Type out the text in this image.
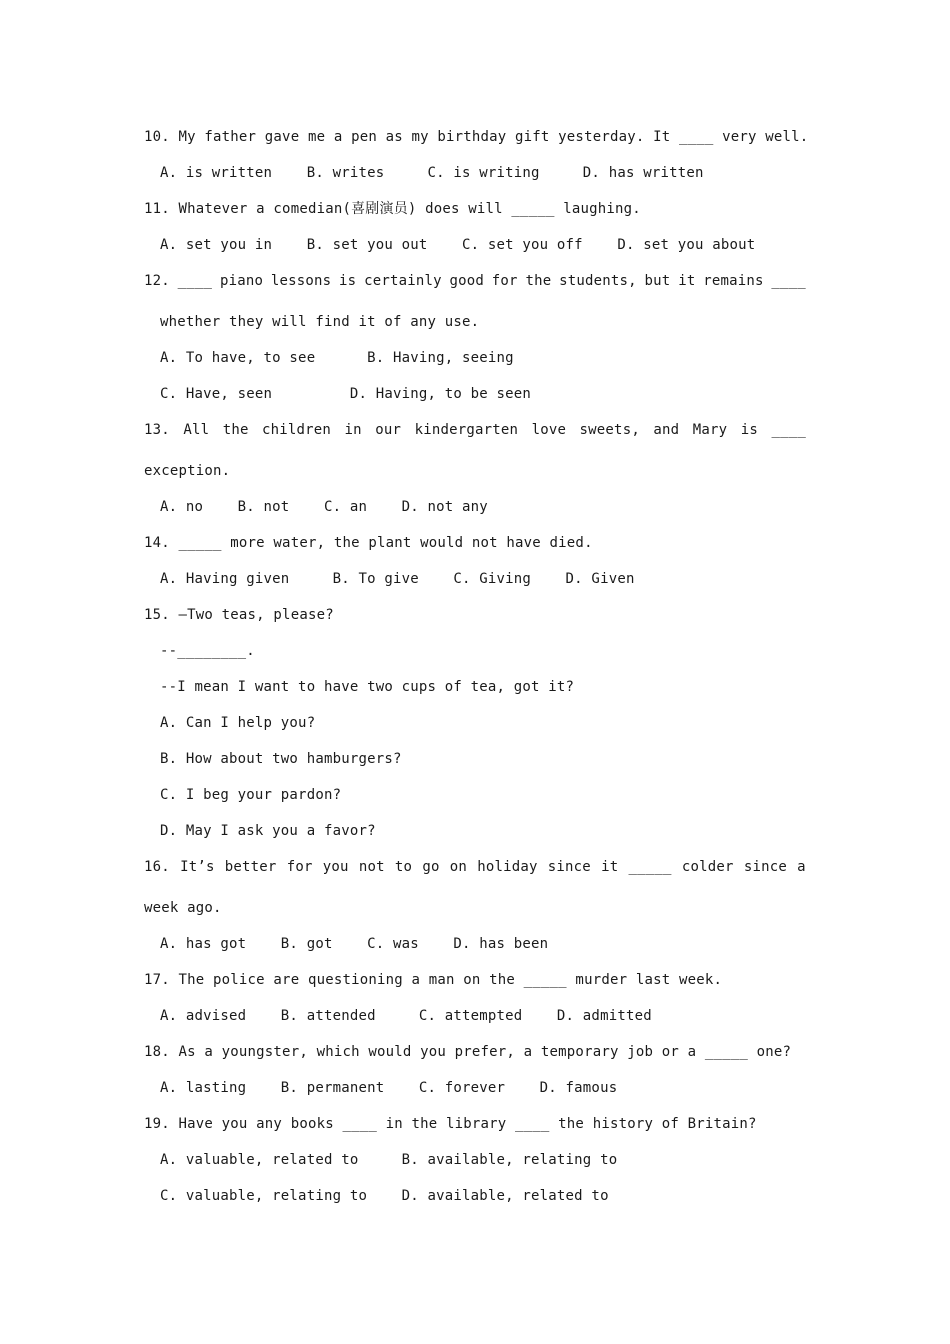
10. My father gave me a pen as my birthday gift yesterday. It ____ very well.
A. is written    B. writes     C. is writing     D. has written
11. Whatever a comedian(喜剧演员) does will _____ laughing.
A. set you in    B. set you out    C. set you off    D. set you about
12. ____ piano lessons is certainly good for the students, but it remains ____
whether they will find it of any use.
A. To have, to see      B. Having, seeing
C. Have, seen         D. Having, to be seen
13. All the children in our kindergarten love sweets, and Mary is ____
exception.
A. no    B. not    C. an    D. not any
14. _____ more water, the plant would not have died.
A. Having given     B. To give    C. Giving    D. Given
15. –Two teas, please?
--________.
--I mean I want to have two cups of tea, got it?
A. Can I help you?
B. How about two hamburgers?
C. I beg your pardon?
D. May I ask you a favor?
16. It’s better for you not to go on holiday since it _____ colder since a
week ago.
A. has got    B. got    C. was    D. has been
17. The police are questioning a man on the _____ murder last week.
A. advised    B. attended     C. attempted    D. admitted
18. As a youngster, which would you prefer, a temporary job or a _____ one?
A. lasting    B. permanent    C. forever    D. famous
19. Have you any books ____ in the library ____ the history of Britain?
A. valuable, related to     B. available, relating to
C. valuable, relating to    D. available, related to
